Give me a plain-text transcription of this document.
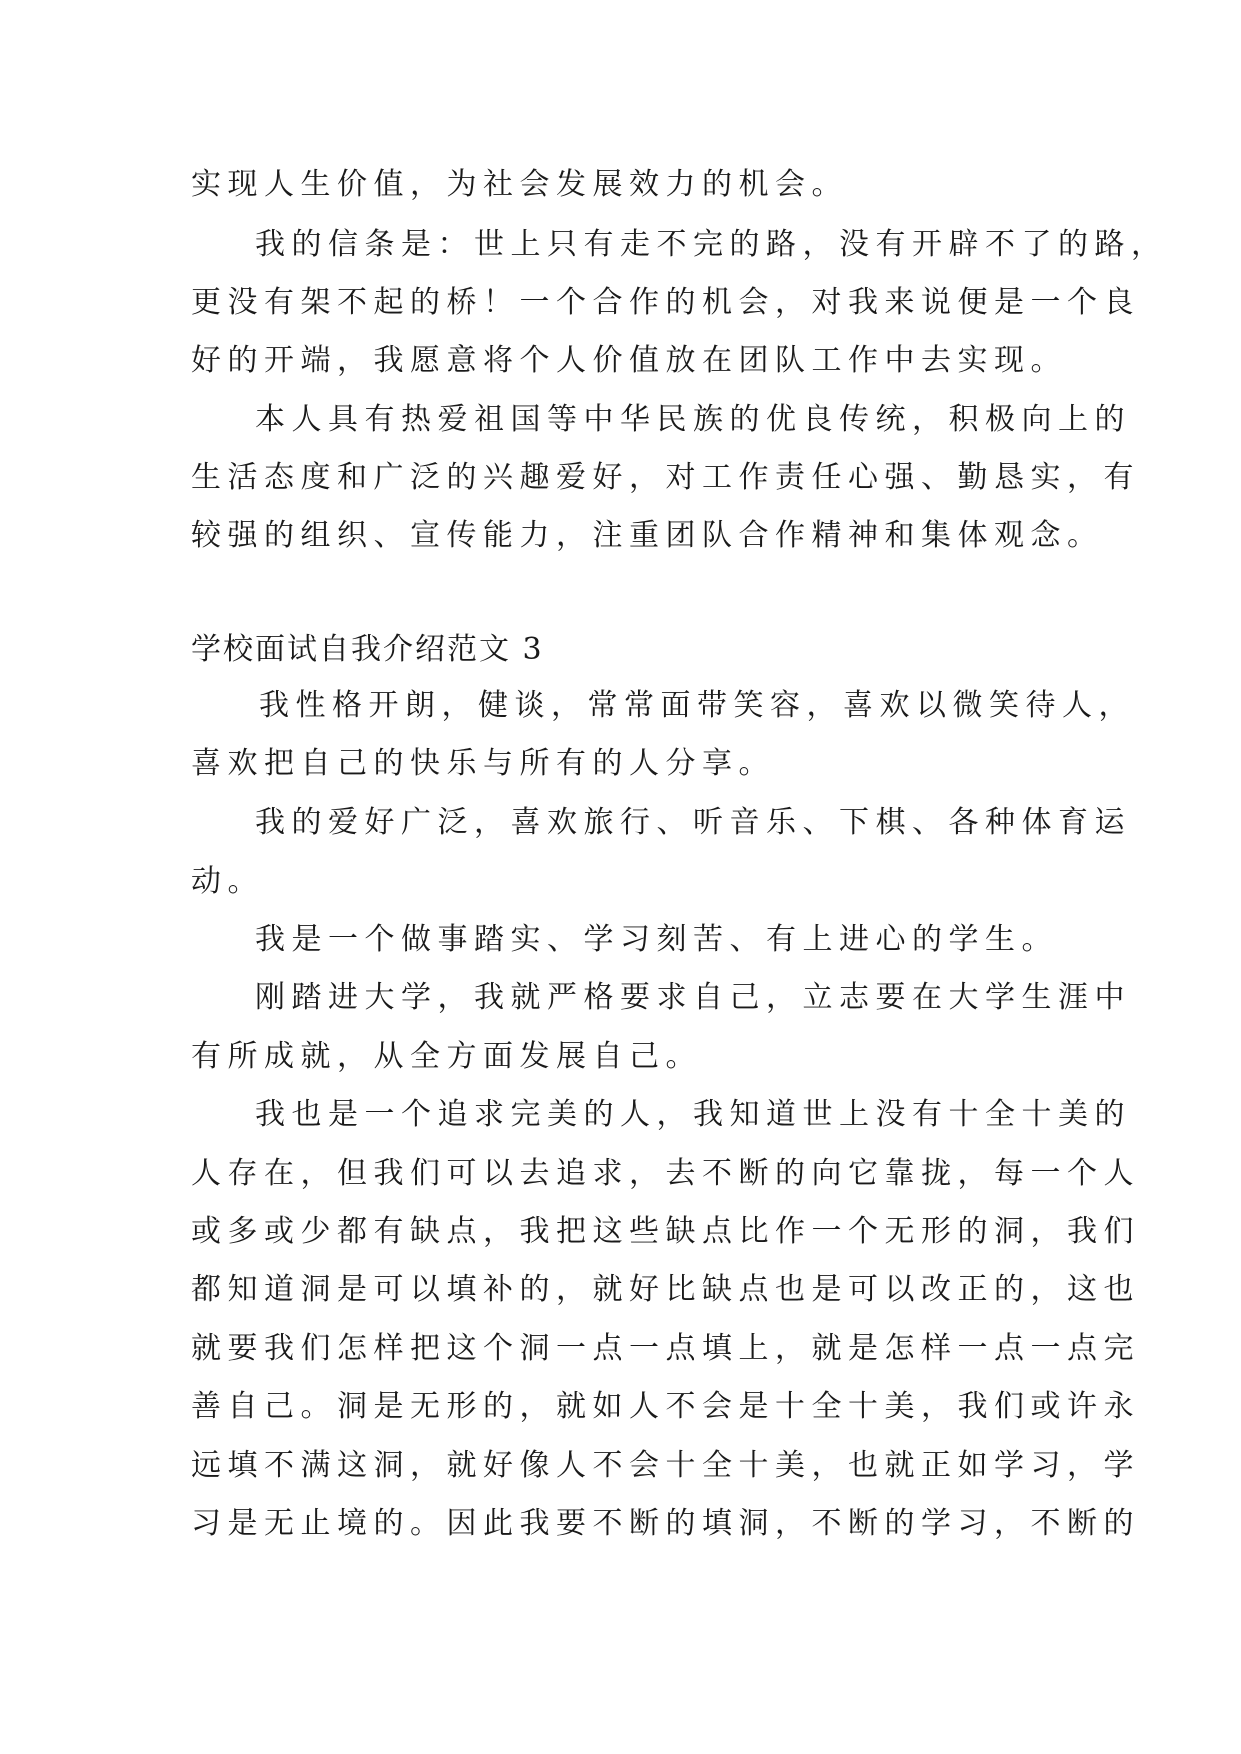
实现人生价值，为社会发展效力的机会。
我的信条是：世上只有走不完的路，没有开辟不了的路，
更没有架不起的桥！一个合作的机会，对我来说便是一个良
好的开端，我愿意将个人价值放在团队工作中去实现。
本人具有热爱祖国等中华民族的优良传统，积极向上的
生活态度和广泛的兴趣爱好，对工作责任心强、勤恳实，有
较强的组织、宣传能力，注重团队合作精神和集体观念。
学校面试自我介绍范文 3
我性格开朗，健谈，常常面带笑容，喜欢以微笑待人，
喜欢把自己的快乐与所有的人分享。
我的爱好广泛，喜欢旅行、听音乐、下棋、各种体育运
动。
我是一个做事踏实、学习刻苦、有上进心的学生。
刚踏进大学，我就严格要求自己，立志要在大学生涯中
有所成就，从全方面发展自己。
我也是一个追求完美的人，我知道世上没有十全十美的
人存在，但我们可以去追求，去不断的向它靠拢，每一个人
或多或少都有缺点，我把这些缺点比作一个无形的洞，我们
都知道洞是可以填补的，就好比缺点也是可以改正的，这也
就要我们怎样把这个洞一点一点填上，就是怎样一点一点完
善自己。洞是无形的，就如人不会是十全十美，我们或许永
远填不满这洞，就好像人不会十全十美，也就正如学习，学
习是无止境的。因此我要不断的填洞，不断的学习，不断的
